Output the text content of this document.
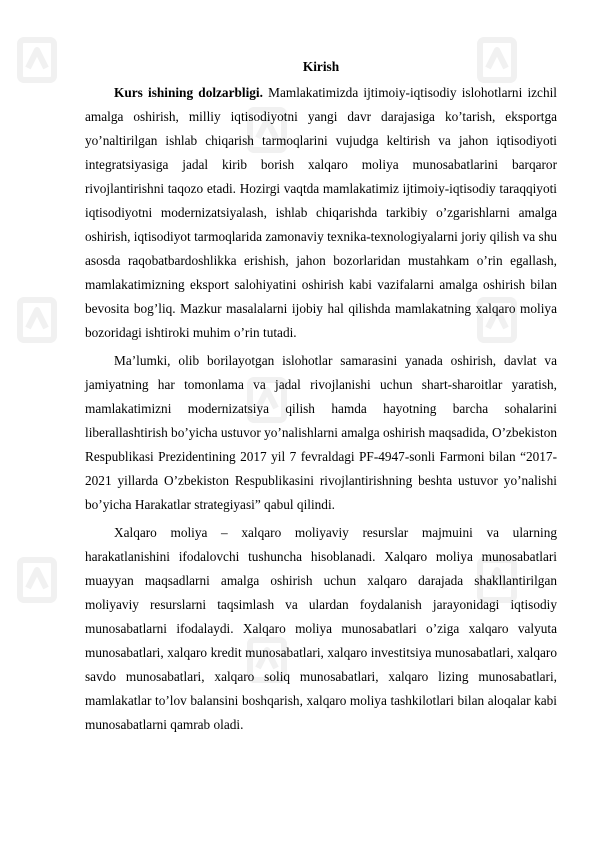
Kirish

Kurs ishining dolzarbligi. Mamlakatimizda ijtimoiy-iqtisodiy islohotlarni izchil amalga oshirish, milliy iqtisodiyotni yangi davr darajasiga ko’tarish, eksportga yo’naltirilgan ishlab chiqarish tarmoqlarini vujudga keltirish va jahon iqtisodiyoti integratsiyasiga jadal kirib borish xalqaro moliya munosabatlarini barqaror rivojlantirishni taqozo etadi. Hozirgi vaqtda mamlakatimiz ijtimoiy-iqtisodiy taraqqiyoti iqtisodiyotni modernizatsiyalash, ishlab chiqarishda tarkibiy o’zgarishlarni amalga oshirish, iqtisodiyot tarmoqlarida zamonaviy texnika-texnologiyalarni joriy qilish va shu asosda raqobatbardoshlikka erishish, jahon bozorlaridan mustahkam o’rin egallash, mamlakatimizning eksport salohiyatini oshirish kabi vazifalarni amalga oshirish bilan bevosita bog’liq. Mazkur masalalarni ijobiy hal qilishda mamlakatning xalqaro moliya bozoridagi ishtiroki muhim o’rin tutadi.

Ma’lumki, olib borilayotgan islohotlar samarasini yanada oshirish, davlat va jamiyatning har tomonlama va jadal rivojlanishi uchun shart-sharoitlar yaratish, mamlakatimizni modernizatsiya qilish hamda hayotning barcha sohalarini liberallashtirish bo’yicha ustuvor yo’nalishlarni amalga oshirish maqsadida, O’zbekiston Respublikasi Prezidentining 2017 yil 7 fevraldagi PF-4947-sonli Farmoni bilan “2017- 2021 yillarda O’zbekiston Respublikasini rivojlantirishning beshta ustuvor yo’nalishi bo’yicha Harakatlar strategiyasi” qabul qilindi.

Xalqaro moliya – xalqaro moliyaviy resurslar majmuini va ularning harakatlanishini ifodalovchi tushuncha hisoblanadi. Xalqaro moliya munosabatlari muayyan maqsadlarni amalga oshirish uchun xalqaro darajada shakllantirilgan moliyaviy resurslarni taqsimlash va ulardan foydalanish jarayonidagi iqtisodiy munosabatlarni ifodalaydi. Xalqaro moliya munosabatlari o’ziga xalqaro valyuta munosabatlari, xalqaro kredit munosabatlari, xalqaro investitsiya munosabatlari, xalqaro savdo munosabatlari, xalqaro soliq munosabatlari, xalqaro lizing munosabatlari, mamlakatlar to’lov balansini boshqarish, xalqaro moliya tashkilotlari bilan aloqalar kabi munosabatlarni qamrab oladi.
